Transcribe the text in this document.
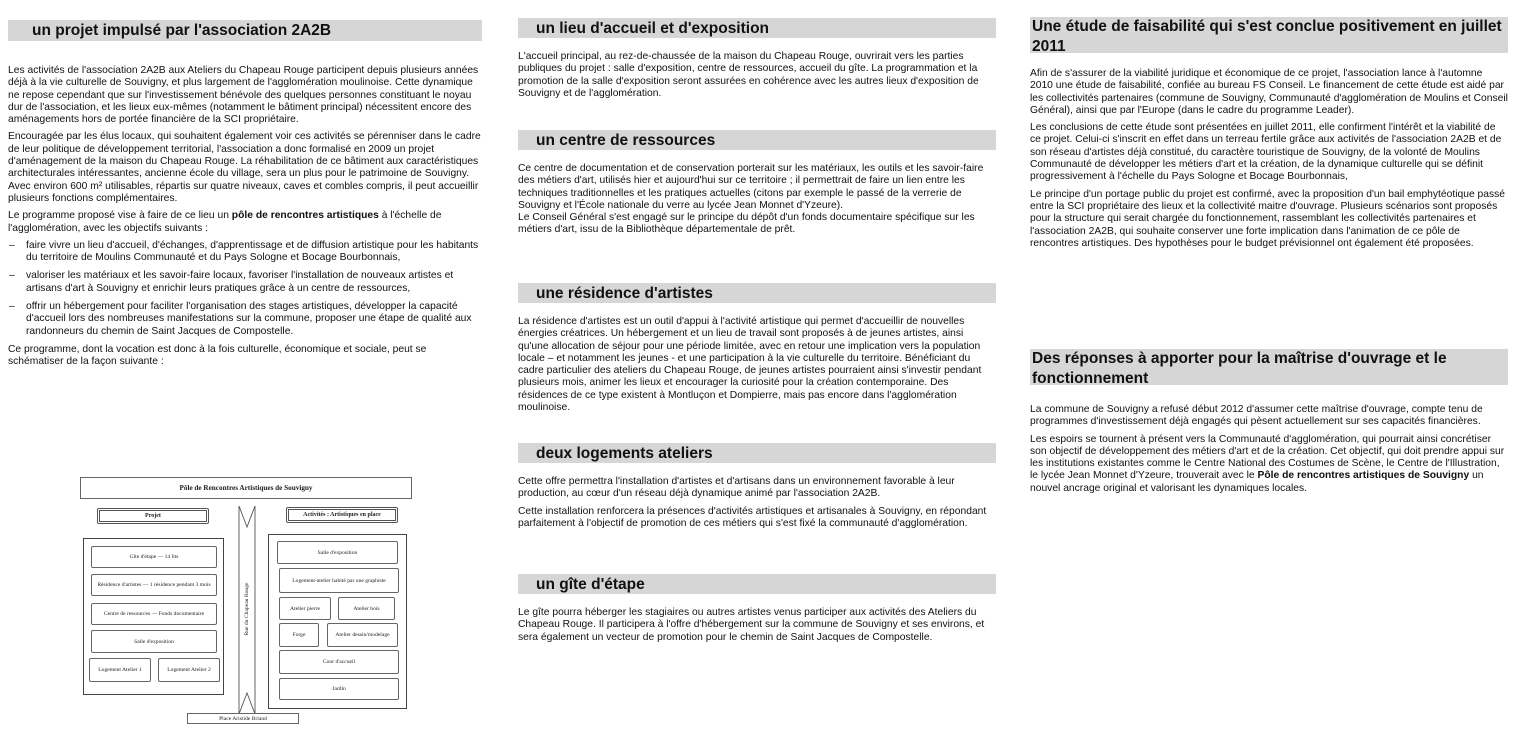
un projet impulsé par l'association 2A2B

Les activités de l'association 2A2B aux Ateliers du Chapeau Rouge participent depuis plusieurs années déjà à la vie culturelle de Souvigny, et plus largement de l'agglomération moulinoise. Cette dynamique ne repose cependant que sur l'investissement bénévole des quelques personnes constituant le noyau dur de l'association, et les lieux eux-mêmes (notamment le bâtiment principal) nécessitent encore des aménagements hors de portée financière de la SCI propriétaire.

Encouragée par les élus locaux, qui souhaitent également voir ces activités se pérenniser dans le cadre de leur politique de développement territorial, l'association a donc formalisé en 2009 un projet d'aménagement de la maison du Chapeau Rouge. La réhabilitation de ce bâtiment aux caractéristiques architecturales intéressantes, ancienne école du village, sera un plus pour le patrimoine de Souvigny. Avec environ 600 m² utilisables, répartis sur quatre niveaux, caves et combles compris, il peut accueillir plusieurs fonctions complémentaires.

Le programme proposé vise à faire de ce lieu un pôle de rencontres artistiques à l'échelle de l'agglomération, avec les objectifs suivants :

– faire vivre un lieu d'accueil, d'échanges, d'apprentissage et de diffusion artistique pour les habitants du territoire de Moulins Communauté et du Pays Sologne et Bocage Bourbonnais,
– valoriser les matériaux et les savoir-faire locaux, favoriser l'installation de nouveaux artistes et artisans d'art à Souvigny et enrichir leurs pratiques grâce à un centre de ressources,
– offrir un hébergement pour faciliter l'organisation des stages artistiques, développer la capacité d'accueil lors des nombreuses manifestations sur la commune, proposer une étape de qualité aux randonneurs du chemin de Saint Jacques de Compostelle.

Ce programme, dont la vocation est donc à la fois culturelle, économique et sociale, peut se schématiser de la façon suivante :

Pôle de Rencontres Artistiques de Souvigny
Projet	Activités : Artistiques en place
Gîte d'étape — 14 lits
Résidence d'artistes — 1 résidence pendant 3 mois
Centre de ressources — Fonds documentaire
Salle d'exposition
Logement Atelier 1	Logement Atelier 2
Rue du Chapeau Rouge
Salle d'exposition
Logement-atelier habité par une graphiste
Atelier pierre	Atelier bois
Forge	Atelier dessin/modelage
Cour d'accueil
Jardin
Place Aristide Briand
un lieu d'accueil et d'exposition

L'accueil principal, au rez-de-chaussée de la maison du Chapeau Rouge, ouvrirait vers les parties publiques du projet : salle d'exposition, centre de ressources, accueil du gîte. La programmation et la promotion de la salle d'exposition seront assurées en cohérence avec les autres lieux d'exposition de Souvigny et de l'agglomération.

un centre de ressources

Ce centre de documentation et de conservation porterait sur les matériaux, les outils et les savoir-faire des métiers d'art, utilisés hier et aujourd'hui sur ce territoire ; il permettrait de faire un lien entre les techniques traditionnelles et les pratiques actuelles (citons par exemple le passé de la verrerie de Souvigny et l'École nationale du verre au lycée Jean Monnet d'Yzeure).

Le Conseil Général s'est engagé sur le principe du dépôt d'un fonds documentaire spécifique sur les métiers d'art, issu de la Bibliothèque départementale de prêt.

une résidence d'artistes

La résidence d'artistes est un outil d'appui à l'activité artistique qui permet d'accueillir de nouvelles énergies créatrices. Un hébergement et un lieu de travail sont proposés à de jeunes artistes, ainsi qu'une allocation de séjour pour une période limitée, avec en retour une implication vers la population locale – et notamment les jeunes - et une participation à la vie culturelle du territoire. Bénéficiant du cadre particulier des ateliers du Chapeau Rouge, de jeunes artistes pourraient ainsi s'investir pendant plusieurs mois, animer les lieux et encourager la curiosité pour la création contemporaine. Des résidences de ce type existent à Montluçon et Dompierre, mais pas encore dans l'agglomération moulinoise.

deux logements ateliers

Cette offre permettra l'installation d'artistes et d'artisans dans un environnement favorable à leur production, au cœur d'un réseau déjà dynamique animé par l'association 2A2B.

Cette installation renforcera la présences d'activités artistiques et artisanales à Souvigny, en répondant parfaitement à l'objectif de promotion de ces métiers qui s'est fixé la communauté d'agglomération.

un gîte d'étape

Le gîte pourra héberger les stagiaires ou autres artistes venus participer aux activités des Ateliers du Chapeau Rouge. Il participera à l'offre d'hébergement sur la commune de Souvigny et ses environs, et sera également un vecteur de promotion pour le chemin de Saint Jacques de Compostelle.

Une étude de faisabilité qui s'est conclue positivement en juillet 2011

Afin de s'assurer de la viabilité juridique et économique de ce projet, l'association lance à l'automne 2010 une étude de faisabilité, confiée au bureau FS Conseil. Le financement de cette étude est aidé par les collectivités partenaires (commune de Souvigny, Communauté d'agglomération de Moulins et Conseil Général), ainsi que par l'Europe (dans le cadre du programme Leader).

Les conclusions de cette étude sont présentées en juillet 2011, elle confirment l'intérêt et la viabilité de ce projet. Celui-ci s'inscrit en effet dans un terreau fertile grâce aux activités de l'association 2A2B et de son réseau d'artistes déjà constitué, du caractère touristique de Souvigny, de la volonté de Moulins Communauté de développer les métiers d'art et la création, de la dynamique culturelle qui se définit progressivement à l'échelle du Pays Sologne et Bocage Bourbonnais,

Le principe d'un portage public du projet est confirmé, avec la proposition d'un bail emphytéotique passé entre la SCI propriétaire des lieux et la collectivité maitre d'ouvrage. Plusieurs scénarios sont proposés pour la structure qui serait chargée du fonctionnement, rassemblant les collectivités partenaires et l'association 2A2B, qui souhaite conserver une forte implication dans l'animation de ce pôle de rencontres artistiques. Des hypothèses pour le budget prévisionnel ont également été proposées.

Des réponses à apporter pour la maîtrise d'ouvrage et le fonctionnement

La commune de Souvigny a refusé début 2012 d'assumer cette maîtrise d'ouvrage, compte tenu de programmes d'investissement déjà engagés qui pèsent actuellement sur ses capacités financières.

Les espoirs se tournent à présent vers la Communauté d'agglomération, qui pourrait ainsi concrétiser son objectif de développement des métiers d'art et de la création. Cet objectif, qui doit prendre appui sur les institutions existantes comme le Centre National des Costumes de Scène, le Centre de l'Illustration, le lycée Jean Monnet d'Yzeure, trouverait avec le Pôle de rencontres artistiques de Souvigny un nouvel ancrage original et valorisant les dynamiques locales.
